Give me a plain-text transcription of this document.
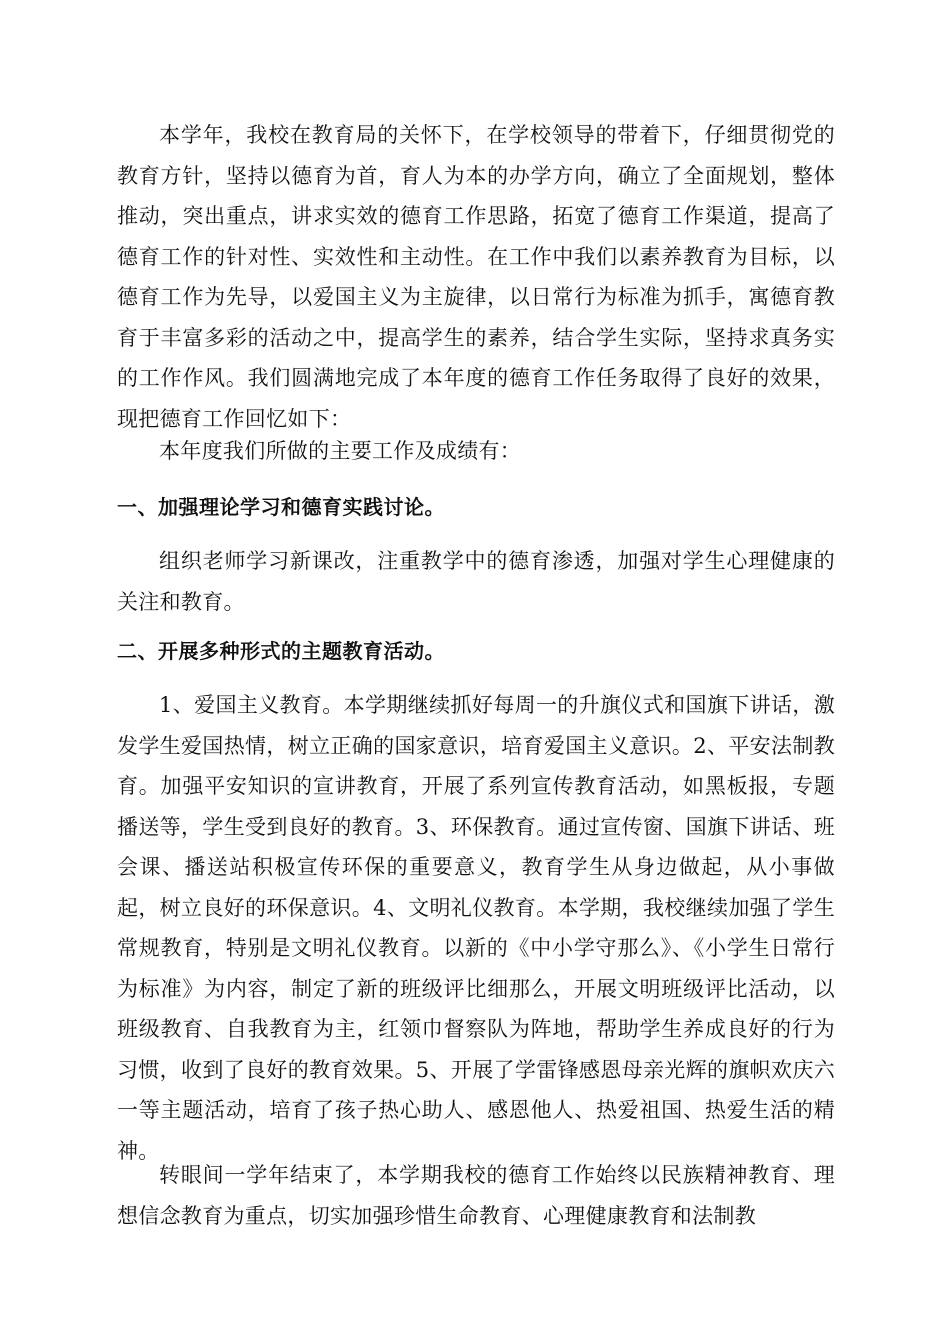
本学年，我校在教育局的关怀下，在学校领导的带着下，仔细贯彻党的教育方针，坚持以德育为首，育人为本的办学方向，确立了全面规划，整体推动，突出重点，讲求实效的德育工作思路，拓宽了德育工作渠道，提高了德育工作的针对性、实效性和主动性。在工作中我们以素养教育为目标，以德育工作为先导，以爱国主义为主旋律，以日常行为标准为抓手，寓德育教育于丰富多彩的活动之中，提高学生的素养，结合学生实际，坚持求真务实的工作作风。我们圆满地完成了本年度的德育工作任务取得了良好的效果，现把德育工作回忆如下：

本年度我们所做的主要工作及成绩有：

一、加强理论学习和德育实践讨论。

组织老师学习新课改，注重教学中的德育渗透，加强对学生心理健康的关注和教育。

二、开展多种形式的主题教育活动。

1、爱国主义教育。本学期继续抓好每周一的升旗仪式和国旗下讲话，激发学生爱国热情，树立正确的国家意识，培育爱国主义意识。2、平安法制教育。加强平安知识的宣讲教育，开展了系列宣传教育活动，如黑板报，专题播送等，学生受到良好的教育。3、环保教育。通过宣传窗、国旗下讲话、班会课、播送站积极宣传环保的重要意义，教育学生从身边做起，从小事做起，树立良好的环保意识。4、文明礼仪教育。本学期，我校继续加强了学生常规教育，特别是文明礼仪教育。以新的《中小学守那么》、《小学生日常行为标准》为内容，制定了新的班级评比细那么，开展文明班级评比活动，以班级教育、自我教育为主，红领巾督察队为阵地，帮助学生养成良好的行为习惯，收到了良好的教育效果。5、开展了学雷锋感恩母亲光辉的旗帜欢庆六一等主题活动，培育了孩子热心助人、感恩他人、热爱祖国、热爱生活的精神。

转眼间一学年结束了，本学期我校的德育工作始终以民族精神教育、理想信念教育为重点，切实加强珍惜生命教育、心理健康教育和法制教
